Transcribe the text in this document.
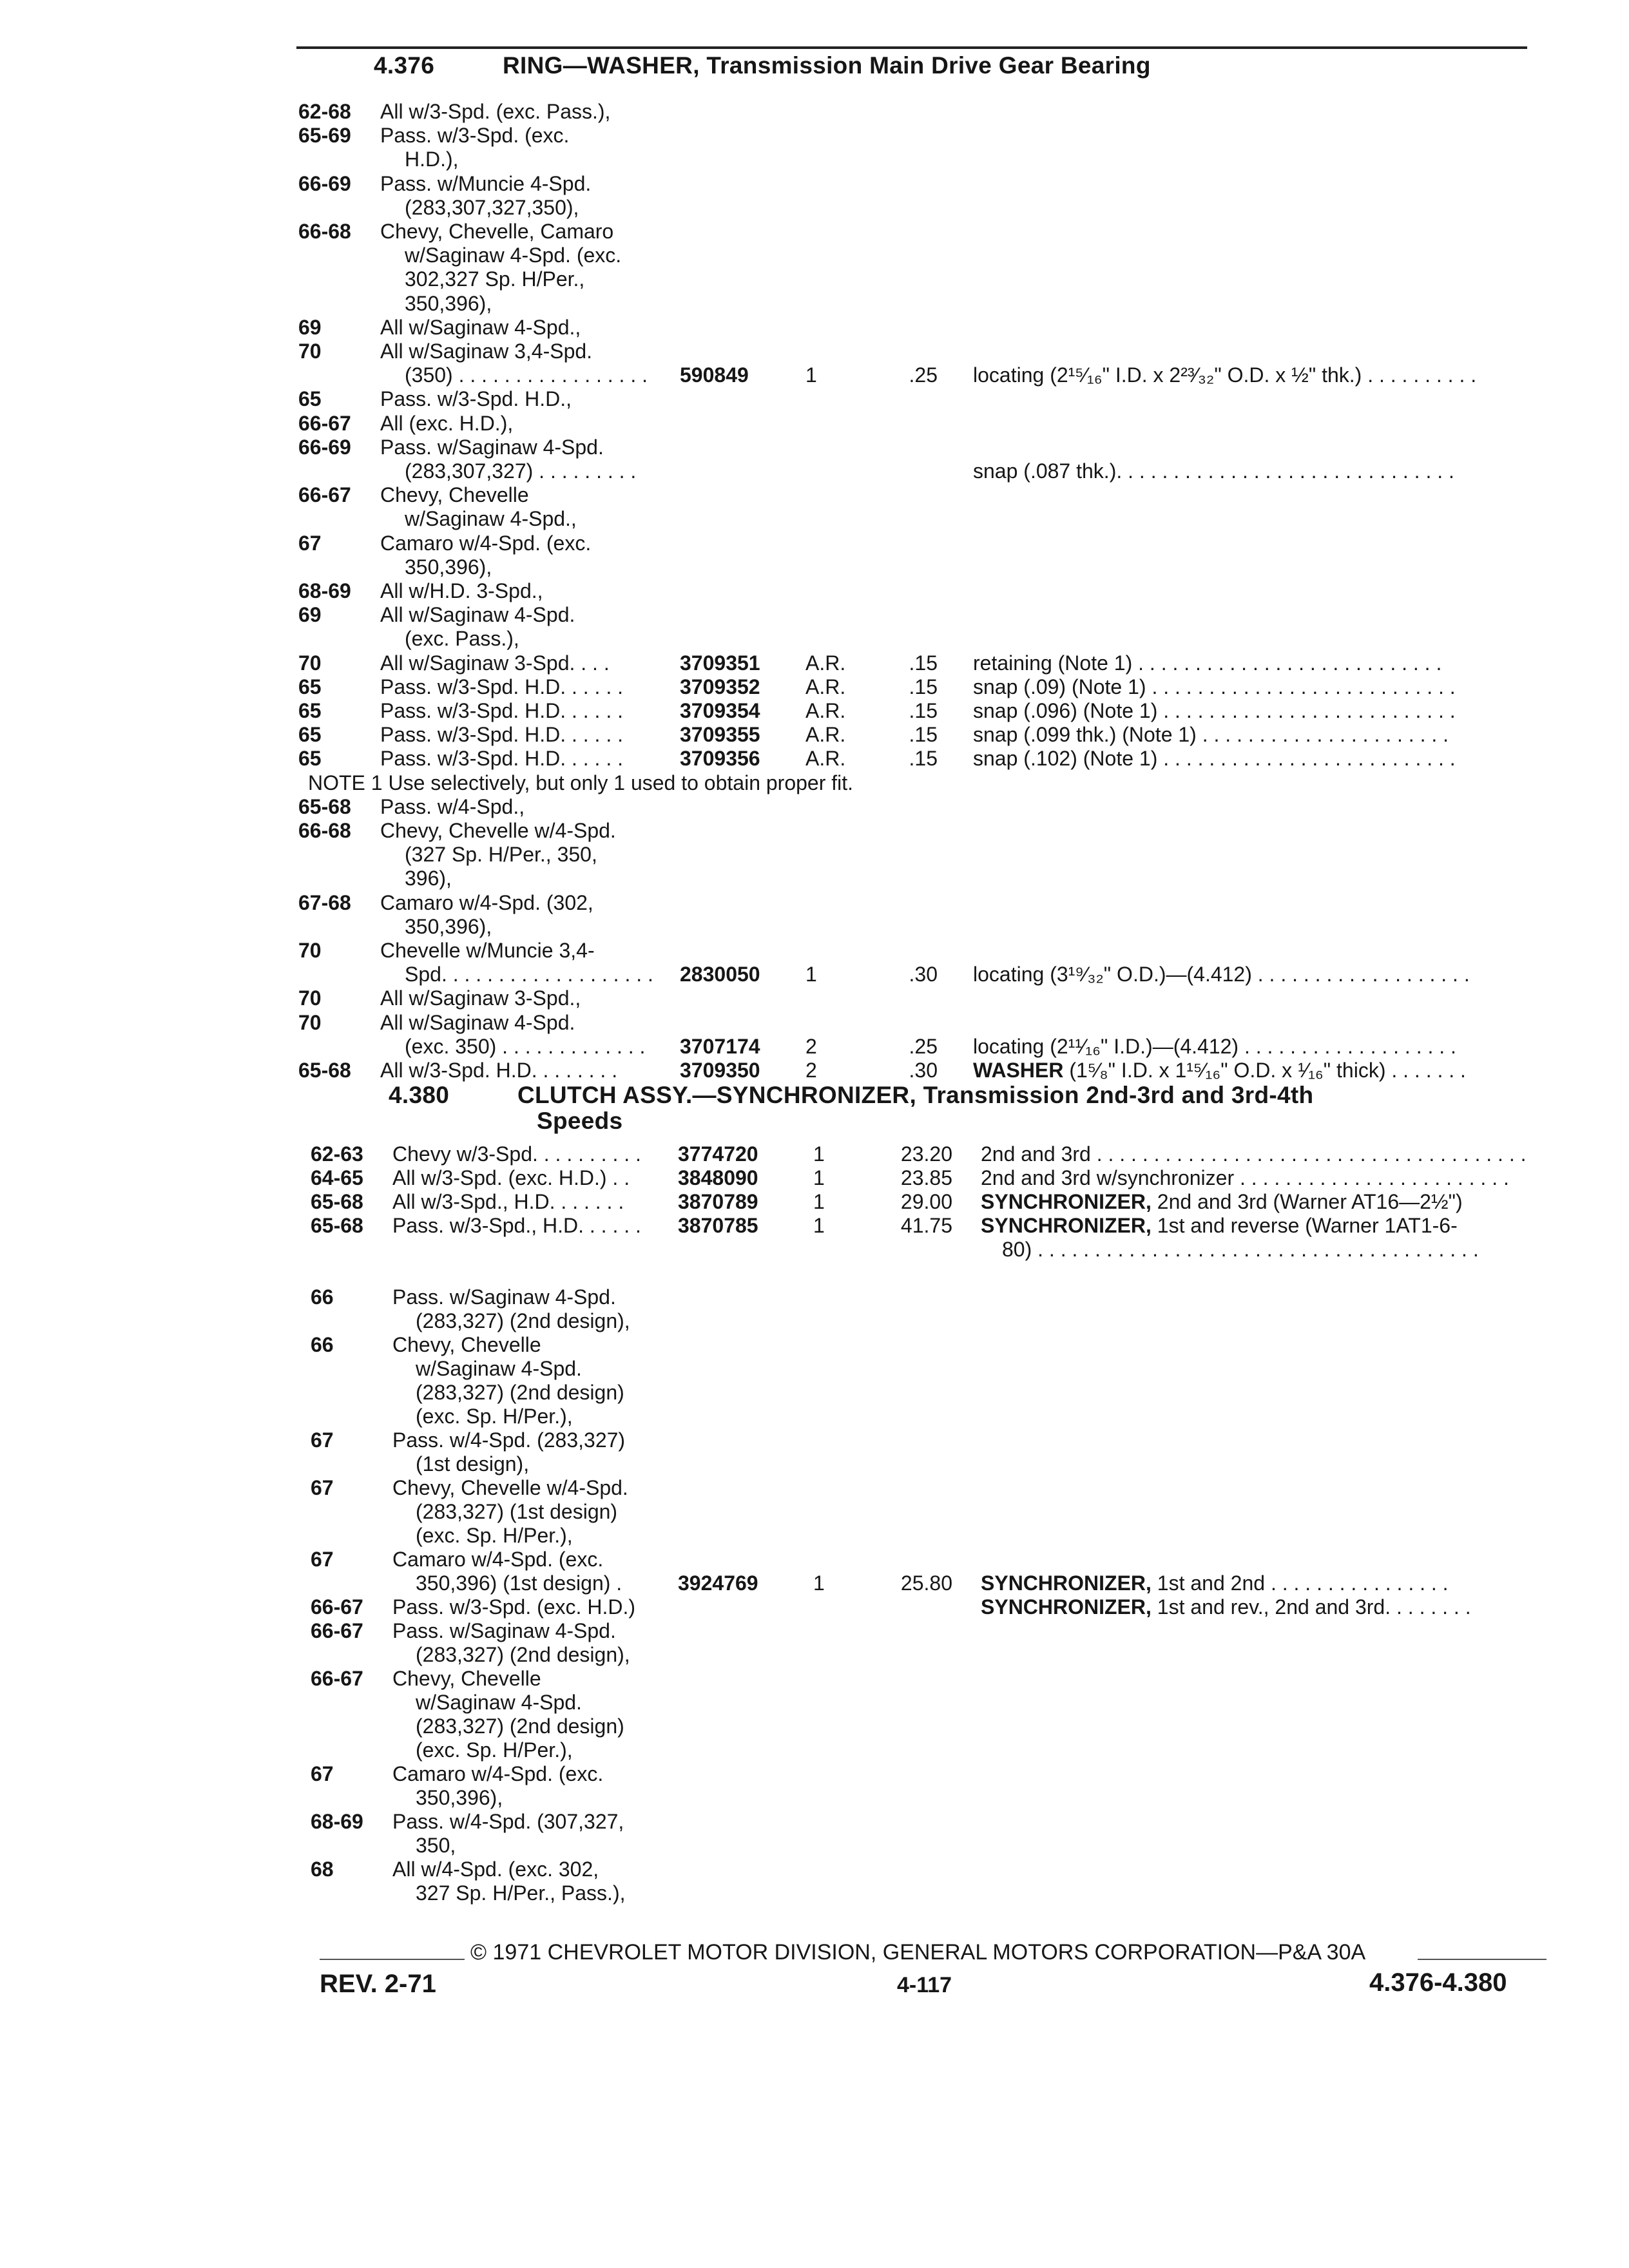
4.376	RING—WASHER, Transmission Main Drive Gear Bearing
62-68 All w/3-Spd. (exc. Pass.),
65-69 Pass. w/3-Spd. (exc.
H.D.),
66-69 Pass. w/Muncie 4-Spd.
(283,307,327,350),
66-68 Chevy, Chevelle, Camaro
w/Saginaw 4-Spd. (exc.
302,327 Sp. H/Per.,
350,396),
69	All w/Saginaw 4-Spd.,
70	All w/Saginaw 3,4-Spd.
(350) . . . . . . . . . . . . . . . . . 590849	1	.25 locating (2¹⁵⁄₁₆" I.D. x 2²³⁄₃₂" O.D. x ½" thk.) . . . . . . . . . .
65	Pass. w/3-Spd. H.D.,
66-67 All (exc. H.D.),
66-69 Pass. w/Saginaw 4-Spd.
(283,307,327) . . . . . . . . .	snap (.087 thk.). . . . . . . . . . . . . . . . . . . . . . . . . . . . . .
66-67 Chevy, Chevelle
w/Saginaw 4-Spd.,
67	Camaro w/4-Spd. (exc.
350,396),
68-69 All w/H.D. 3-Spd.,
69	All w/Saginaw 4-Spd.
(exc. Pass.),
70	All w/Saginaw 3-Spd. . . .	3709351 A.R.	.15 retaining (Note 1) . . . . . . . . . . . . . . . . . . . . . . . . . . .
65	Pass. w/3-Spd. H.D. . . . . .	3709352 A.R.	.15 snap (.09) (Note 1) . . . . . . . . . . . . . . . . . . . . . . . . . . .
65	Pass. w/3-Spd. H.D. . . . . .	3709354 A.R.	.15 snap (.096) (Note 1) . . . . . . . . . . . . . . . . . . . . . . . . . .
65	Pass. w/3-Spd. H.D. . . . . .	3709355 A.R.	.15 snap (.099 thk.) (Note 1) . . . . . . . . . . . . . . . . . . . . . .
65	Pass. w/3-Spd. H.D. . . . . .	3709356 A.R.	.15 snap (.102) (Note 1) . . . . . . . . . . . . . . . . . . . . . . . . . .
NOTE 1 Use selectively, but only 1 used to obtain proper fit.
65-68 Pass. w/4-Spd.,
66-68 Chevy, Chevelle w/4-Spd.
(327 Sp. H/Per., 350,
396),
67-68 Camaro w/4-Spd. (302,
350,396),
70	Chevelle w/Muncie 3,4-
Spd. . . . . . . . . . . . . . . . . . . 2830050 1	.30 locating (3¹⁹⁄₃₂" O.D.)—(4.412) . . . . . . . . . . . . . . . . . . .
70	All w/Saginaw 3-Spd.,
70	All w/Saginaw 4-Spd.
(exc. 350) . . . . . . . . . . . . . 3707174 2	.25 locating (2¹¹⁄₁₆" I.D.)—(4.412) . . . . . . . . . . . . . . . . . . .
65-68 All w/3-Spd. H.D. . . . . . . .	3709350 2	.30 WASHER (1⁵⁄₈" I.D. x 1¹⁵⁄₁₆" O.D. x ¹⁄₁₆" thick) . . . . . . .
4.380	CLUTCH ASSY.—SYNCHRONIZER, Transmission 2nd-3rd and 3rd-4th
Speeds
62-63 Chevy w/3-Spd. . . . . . . . . . 3774720	1	23.20 2nd and 3rd . . . . . . . . . . . . . . . . . . . . . . . . . . . . . . . . . . . . . .
64-65 All w/3-Spd. (exc. H.D.) . . 3848090	1	23.85 2nd and 3rd w/synchronizer . . . . . . . . . . . . . . . . . . . . . . . .
65-68 All w/3-Spd., H.D. . . . . . .	3870789	1	29.00 SYNCHRONIZER, 2nd and 3rd (Warner AT16—2½")
65-68 Pass. w/3-Spd., H.D. . . . . . 3870785	1	41.75 SYNCHRONIZER, 1st and reverse (Warner 1AT1-6-
80) . . . . . . . . . . . . . . . . . . . . . . . . . . . . . . . . . . . . . . .
66	Pass. w/Saginaw 4-Spd.
(283,327) (2nd design),
66	Chevy, Chevelle
w/Saginaw 4-Spd.
(283,327) (2nd design)
(exc. Sp. H/Per.),
67	Pass. w/4-Spd. (283,327)
(1st design),
67	Chevy, Chevelle w/4-Spd.
(283,327) (1st design)
(exc. Sp. H/Per.),
67	Camaro w/4-Spd. (exc.
350,396) (1st design) .	3924769	1	25.80 SYNCHRONIZER, 1st and 2nd . . . . . . . . . . . . . . . .
66-67 Pass. w/3-Spd. (exc. H.D.)	SYNCHRONIZER, 1st and rev., 2nd and 3rd. . . . . . . .
66-67 Pass. w/Saginaw 4-Spd.
(283,327) (2nd design),
66-67 Chevy, Chevelle
w/Saginaw 4-Spd.
(283,327) (2nd design)
(exc. Sp. H/Per.),
67	Camaro w/4-Spd. (exc.
350,396),
68-69 Pass. w/4-Spd. (307,327,
350,
68	All w/4-Spd. (exc. 302,
327 Sp. H/Per., Pass.),
© 1971 CHEVROLET MOTOR DIVISION, GENERAL MOTORS CORPORATION—P&A 30A
REV. 2-71	4-117	4.376-4.380
